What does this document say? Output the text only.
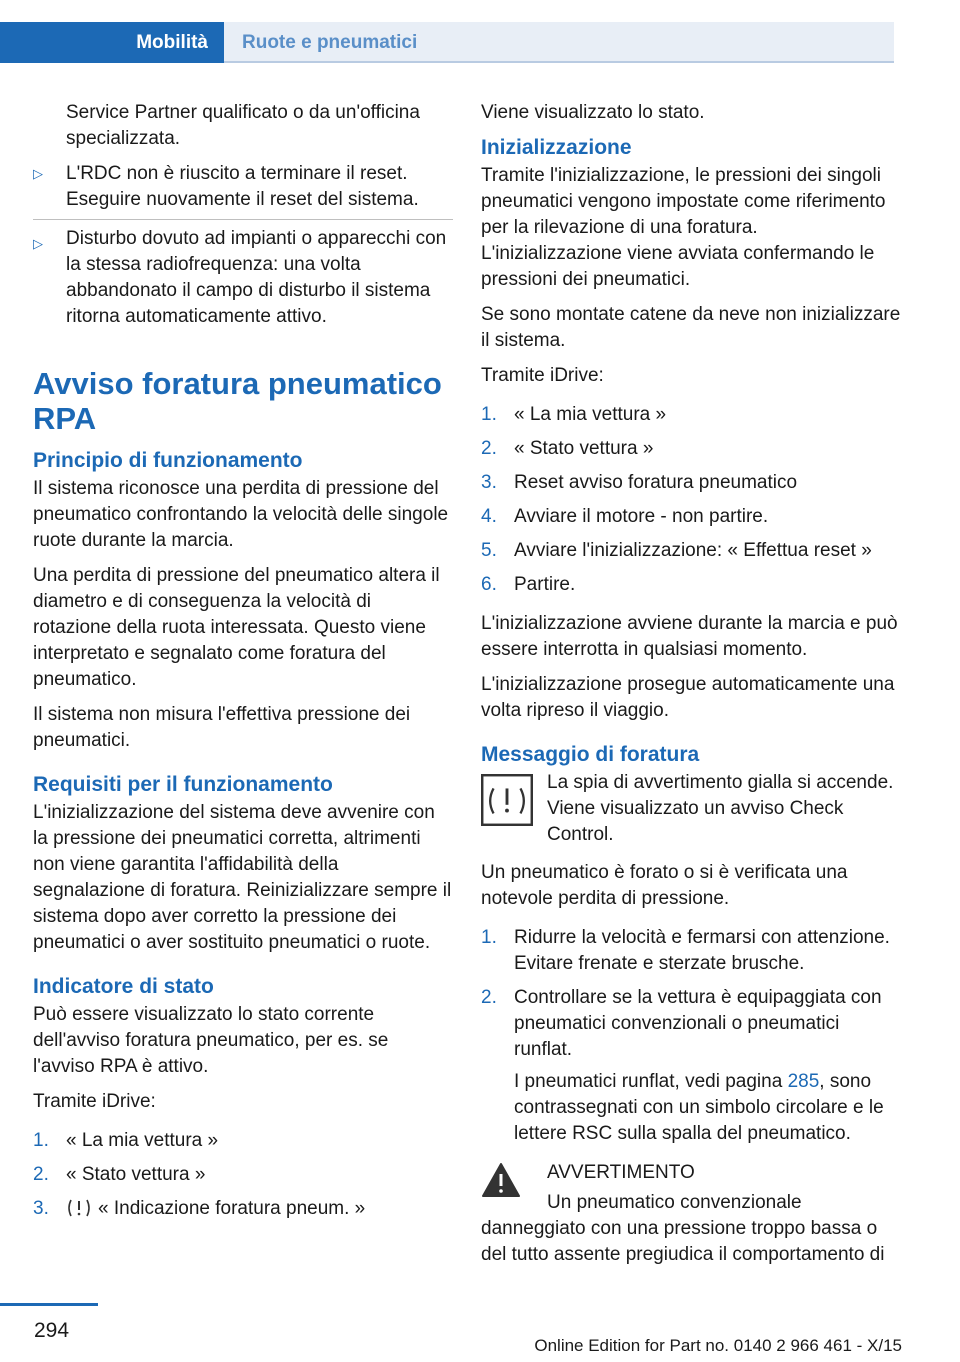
Mobilità Ruote e pneumatici

Service Partner qualificato o da un'officina specializzata.

▷	L'RDC non è riuscito a terminare il reset. Eseguire nuovamente il reset del sistema.
▷	Disturbo dovuto ad impianti o apparecchi con la stessa radiofrequenza: una volta abbandonato il campo di disturbo il sistema ritorna automaticamente attivo.
Avviso foratura pneumatico RPA
Principio di funzionamento

Il sistema riconosce una perdita di pressione del pneumatico confrontando la velocità delle singole ruote durante la marcia.

Una perdita di pressione del pneumatico altera il diametro e di conseguenza la velocità di rotazione della ruota interessata. Questo viene interpretato e segnalato come foratura del pneumatico.

Il sistema non misura l'effettiva pressione dei pneumatici.

Requisiti per il funzionamento

L'inizializzazione del sistema deve avvenire con la pressione dei pneumatici corretta, altrimenti non viene garantita l'affidabilità della segnalazione di foratura. Reinizializzare sempre il sistema dopo aver corretto la pressione dei pneumatici o aver sostituito pneumatici o ruote.

Indicatore di stato

Può essere visualizzato lo stato corrente dell'avviso foratura pneumatico, per es. se l'avviso RPA è attivo.

Tramite iDrive:

1. « La mia vettura »
2. « Stato vettura »
3.	« Indicazione foratura pneum. »

Viene visualizzato lo stato.

Inizializzazione

Tramite l'inizializzazione, le pressioni dei singoli pneumatici vengono impostate come riferimento per la rilevazione di una foratura. L'inizializzazione viene avviata confermando le pressioni dei pneumatici.

Se sono montate catene da neve non inizializzare il sistema.

Tramite iDrive:

1. « La mia vettura »
2. « Stato vettura »
3. Reset avviso foratura pneumatico
4. Avviare il motore - non partire.
5. Avviare l'inizializzazione: « Effettua reset »
6. Partire.

L'inizializzazione avviene durante la marcia e può essere interrotta in qualsiasi momento.

L'inizializzazione prosegue automaticamente una volta ripreso il viaggio.

Messaggio di foratura

La spia di avvertimento gialla si accende. Viene visualizzato un avviso Check Control.

Un pneumatico è forato o si è verificata una notevole perdita di pressione.

1. Ridurre la velocità e fermarsi con attenzione. Evitare frenate e sterzate brusche.
2. Controllare se la vettura è equipaggiata con pneumatici convenzionali o pneumatici runflat.

I pneumatici runflat, vedi pagina 285, sono contrassegnati con un simbolo circolare e le lettere RSC sulla spalla del pneumatico.

AVVERTIMENTO

Un pneumatico convenzionale danneggiato con una pressione troppo bassa o del tutto assente pregiudica il comportamento di

294
Online Edition for Part no. 0140 2 966 461 - X/15
